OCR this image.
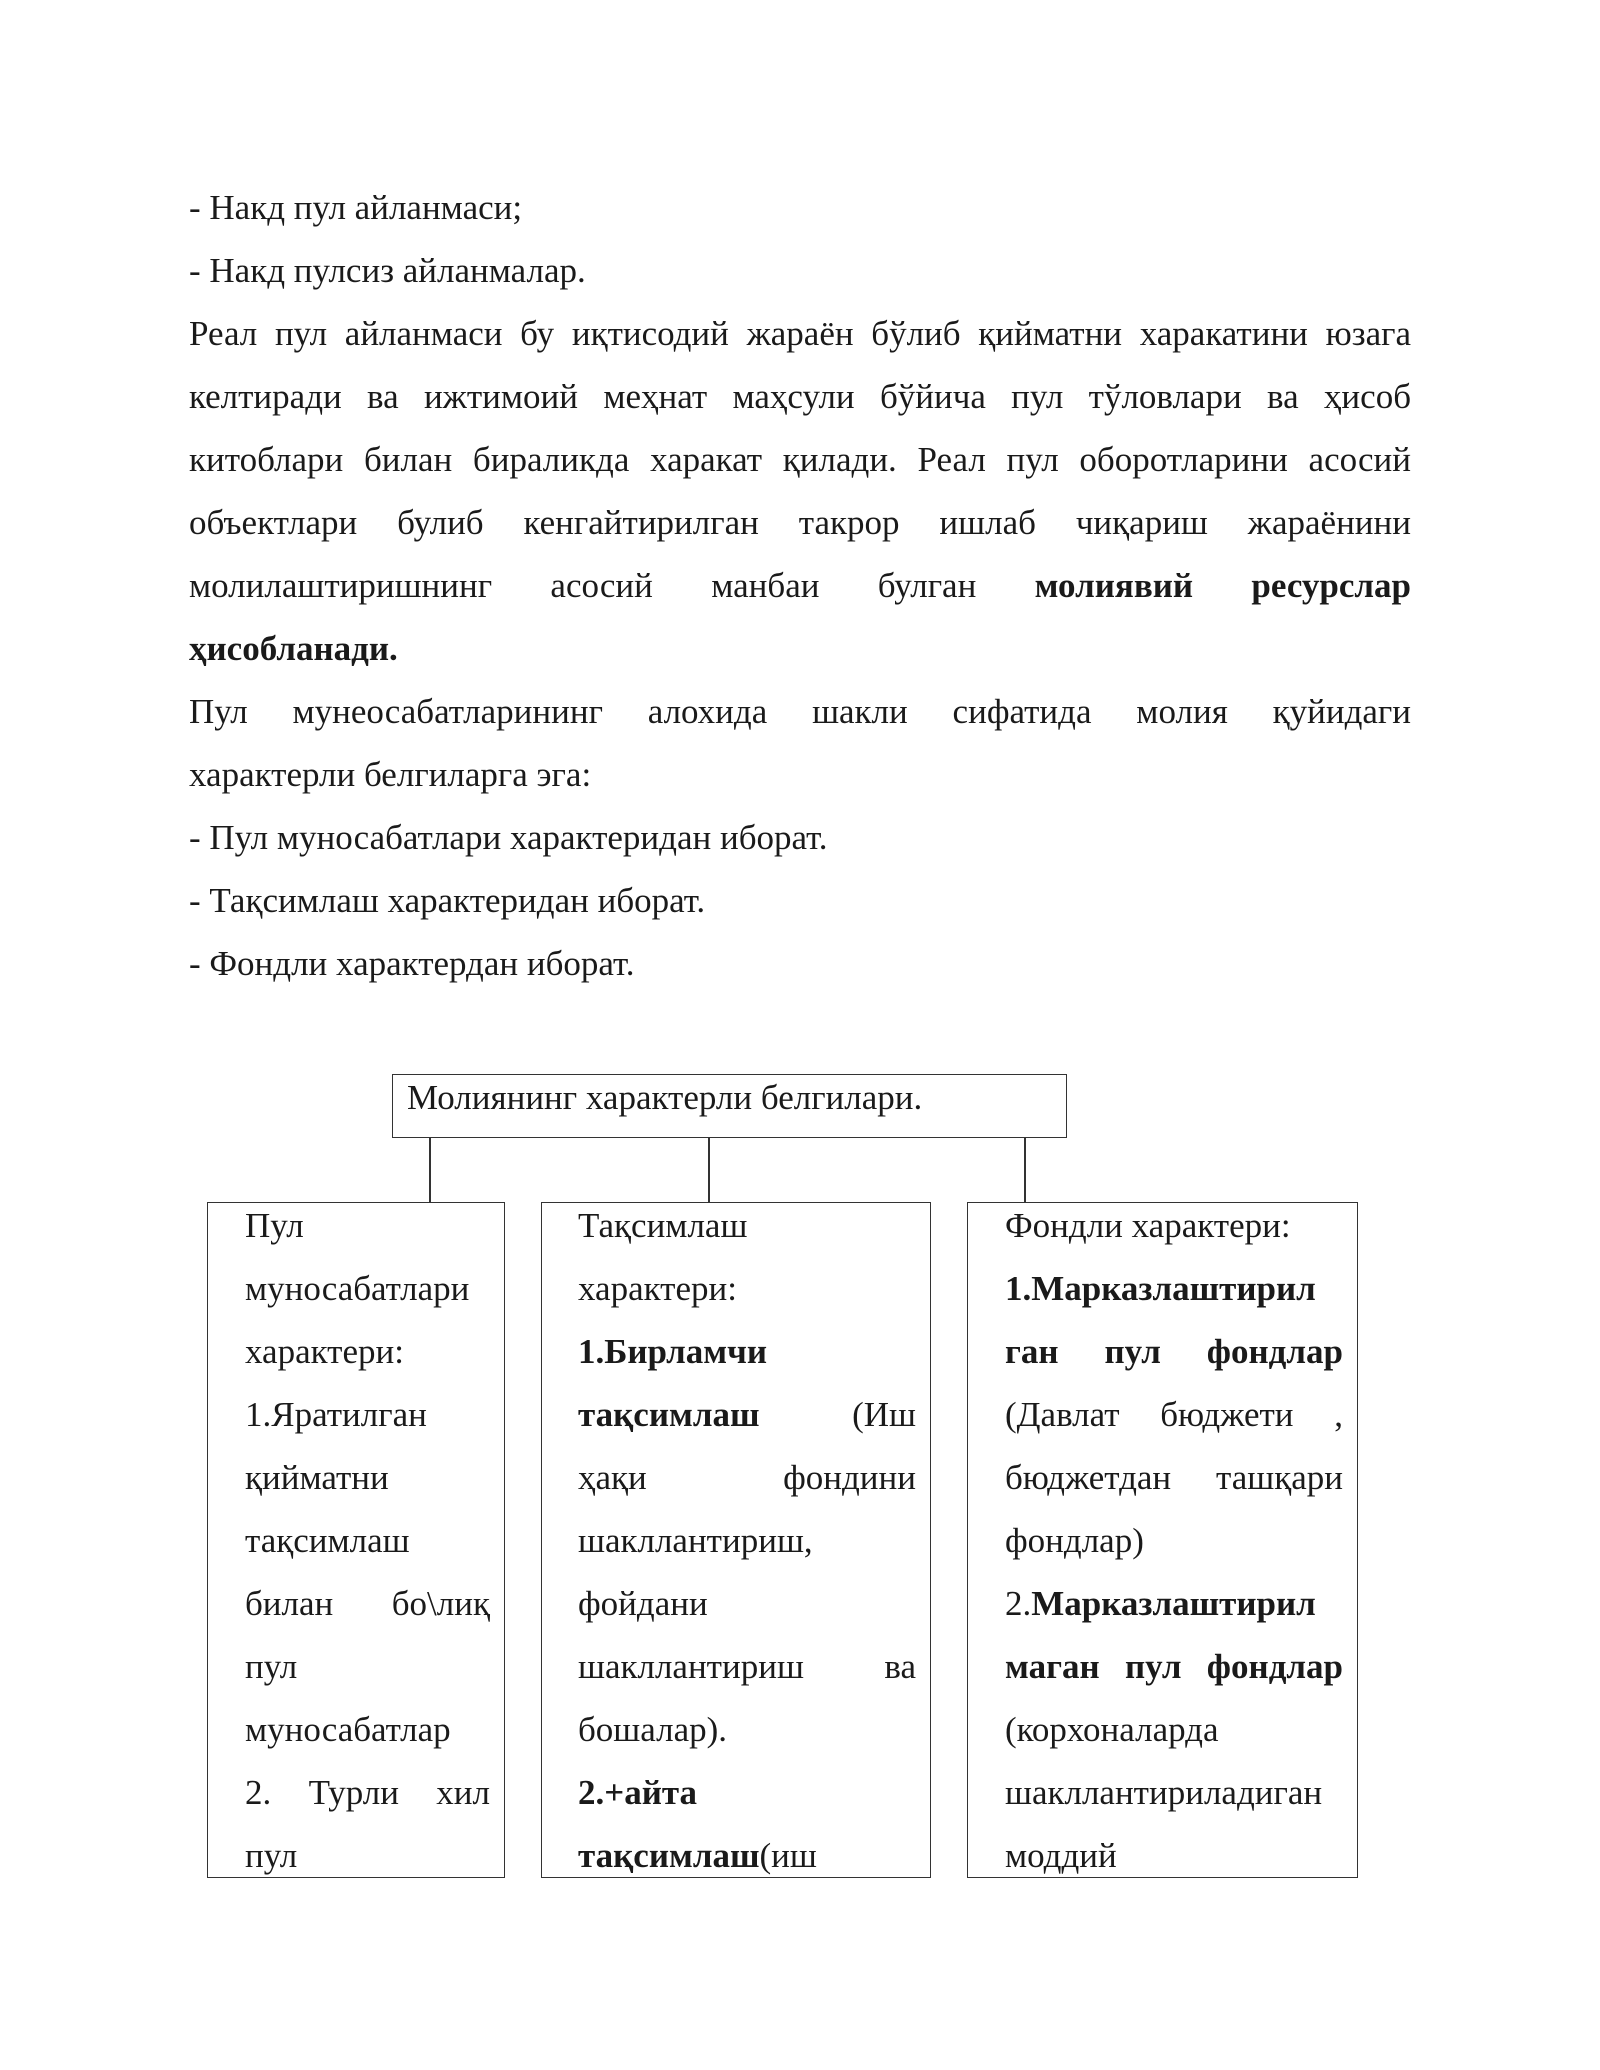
- Накд пул айланмаси;
- Накд пулсиз айланмалар.
Реал пул айланмаси бу иқтисодий жараён бўлиб қийматни харакатини юзага
келтиради ва ижтимоий меҳнат маҳсули бўйича пул тўловлари ва ҳисоб
китоблари билан бираликда харакат қилади. Реал пул оборотларини асосий
объектлари булиб кенгайтирилган такрор ишлаб чиқариш жараёнини
молилаштиришнинг асосий манбаи булган молиявий ресурслар
ҳисобланади.
Пул мунеосабатларининг алохида шакли сифатида молия қуйидаги
характерли белгиларга эга:
- Пул муносабатлари характеридан иборат.
- Тақсимлаш характеридан иборат.
- Фондли характердан иборат.
Молиянинг характерли белгилари.
Пул
муносабатлари
характери:
1.Яратилган
қийматни
тақсимлаш
билан бо\лиқ
пул
муносабатлар
2. Турли хил
пул
Тақсимлаш
характери:
1.Бирламчи
тақсимлаш	(Иш
ҳақи фондини
шакллантириш,
фойдани
шакллантириш ва
бошалар).
2.+айта
тақсимлаш(иш
Фондли характери:
1.Марказлаштирил
ган пул фондлар
(Давлат бюджети ,
бюджетдан ташқари
фондлар)
2.Марказлаштирил
маган пул фондлар
(корхоналарда
шакллантириладиган
моддий
